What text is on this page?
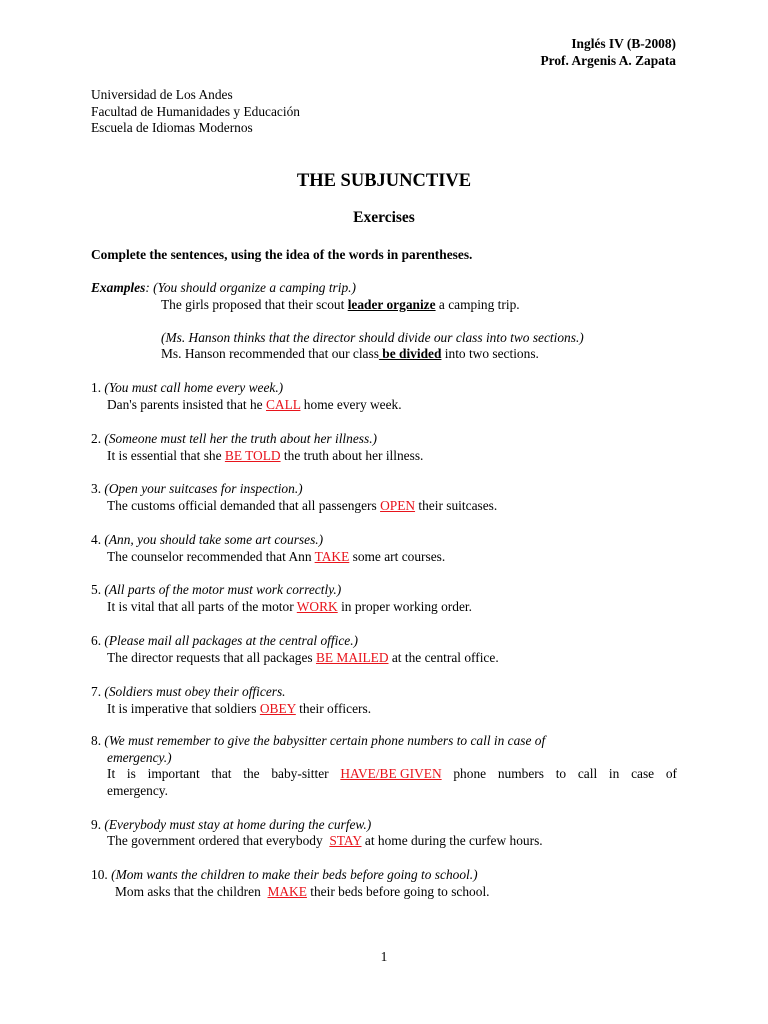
Inglés IV (B-2008)
Prof. Argenis A. Zapata
Universidad de Los Andes
Facultad de Humanidades y Educación
Escuela de Idiomas Modernos
THE SUBJUNCTIVE
Exercises
Complete the sentences, using the idea of the words in parentheses.
Examples: (You should organize a camping trip.)
The girls proposed that their scout leader organize a camping trip.
(Ms. Hanson thinks that the director should divide our class into two sections.)
Ms. Hanson recommended that our class be divided into two sections.
1. (You must call home every week.)
Dan's parents insisted that he CALL home every week.
2. (Someone must tell her the truth about her illness.)
It is essential that she BE TOLD the truth about her illness.
3. (Open your suitcases for inspection.)
The customs official demanded that all passengers OPEN their suitcases.
4. (Ann, you should take some art courses.)
The counselor recommended that Ann TAKE some art courses.
5. (All parts of the motor must work correctly.)
It is vital that all parts of the motor WORK in proper working order.
6. (Please mail all packages at the central office.)
The director requests that all packages BE MAILED at the central office.
7. (Soldiers must obey their officers.
It is imperative that soldiers OBEY their officers.
8. (We must remember to give the babysitter certain phone numbers to call in case of
emergency.)
It is important that the baby-sitter HAVE/BE GIVEN phone numbers to call in case of
emergency.
9. (Everybody must stay at home during the curfew.)
The government ordered that everybody  STAY at home during the curfew hours.
10. (Mom wants the children to make their beds before going to school.)
Mom asks that the children  MAKE their beds before going to school.
1
